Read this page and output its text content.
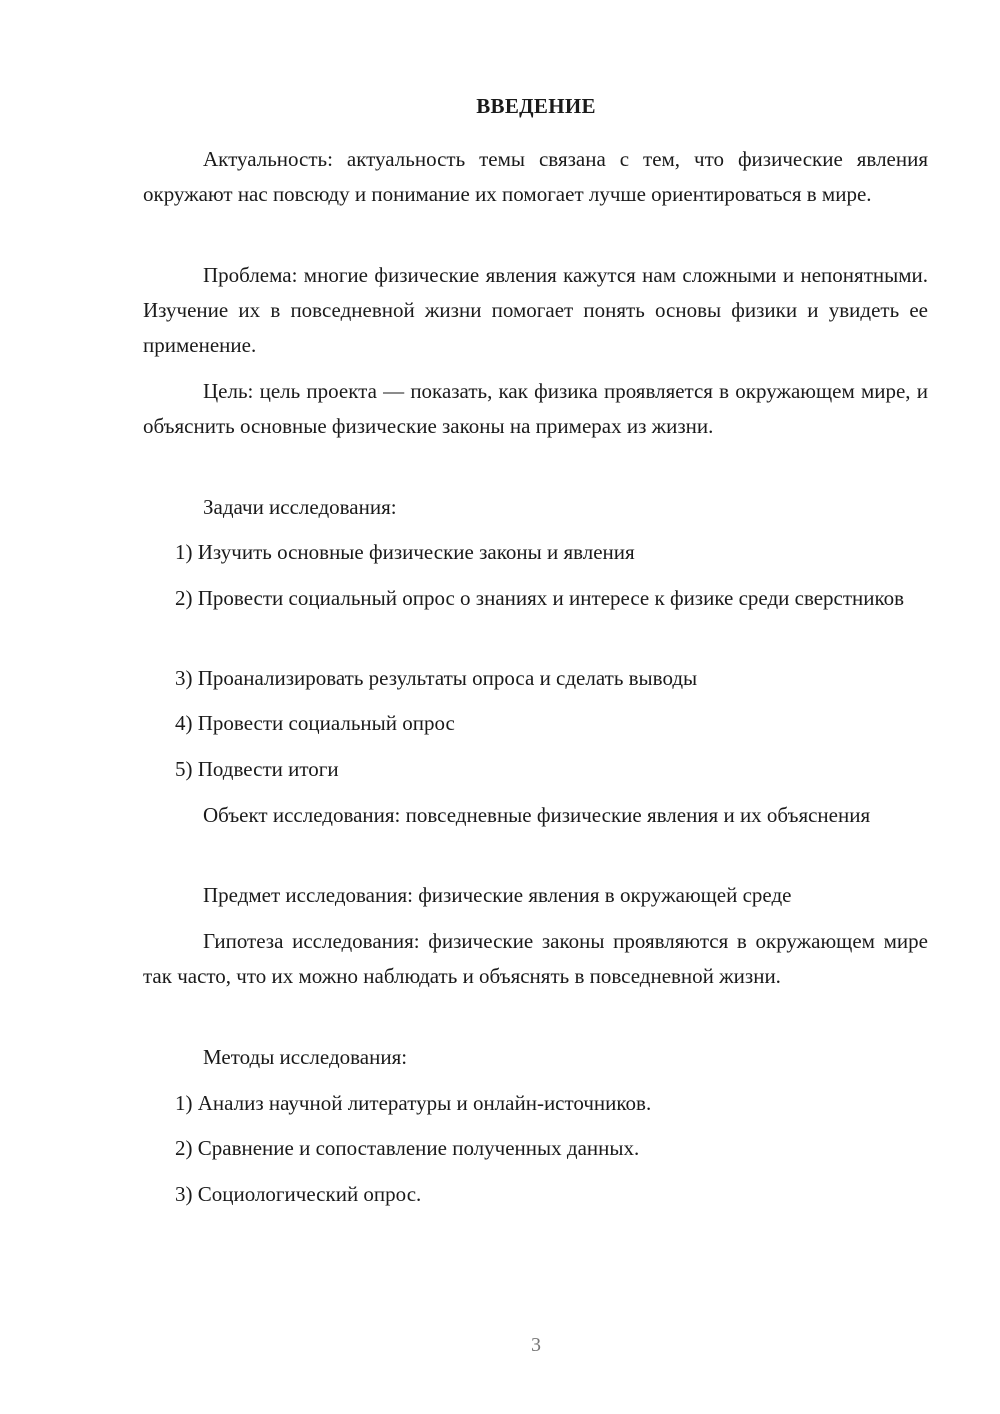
ВВЕДЕНИЕ
Актуальность: актуальность темы связана с тем, что физические явления окружают нас повсюду и понимание их помогает лучше ориентироваться в мире.
Проблема: многие физические явления кажутся нам сложными и непонятными. Изучение их в повседневной жизни помогает понять основы физики и увидеть ее применение.
Цель: цель проекта — показать, как физика проявляется в окружающем мире, и объяснить основные физические законы на примерах из жизни.
Задачи исследования:
1) Изучить основные физические законы и явления
2) Провести социальный опрос о знаниях и интересе к физике среди сверстников
3) Проанализировать результаты опроса и сделать выводы
4) Провести социальный опрос
5) Подвести итоги
Объект исследования: повседневные физические явления и их объяснения
Предмет исследования: физические явления в окружающей среде
Гипотеза исследования: физические законы проявляются в окружающем мире так часто, что их можно наблюдать и объяснять в повседневной жизни.
Методы исследования:
1) Анализ научной литературы и онлайн-источников.
2) Сравнение и сопоставление полученных данных.
3) Социологический опрос.
3
